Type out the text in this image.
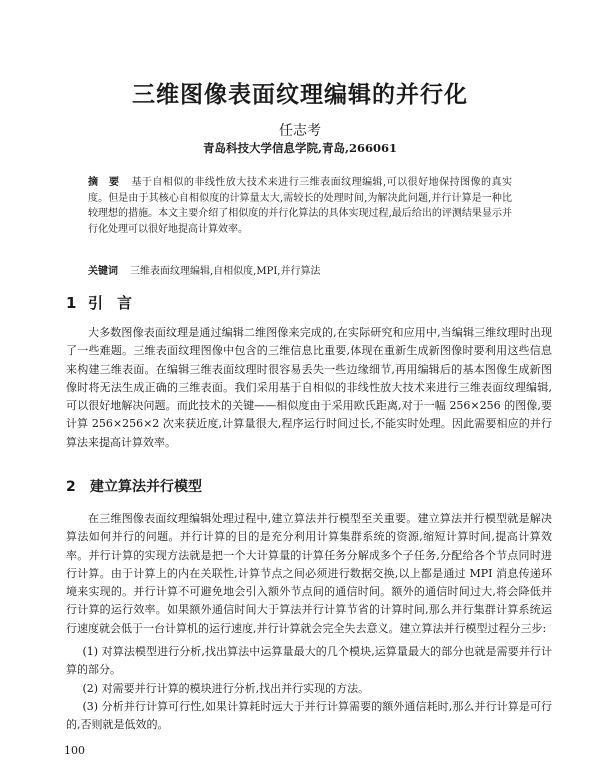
三维图像表面纹理编辑的并行化
任志考
青岛科技大学信息学院,青岛,266061
摘　要 基于自相似的非线性放大技术来进行三维表面纹理编辑,可以很好地保持图像的真实度。但是由于其核心自相似度的计算量太大,需较长的处理时间,为解决此问题,并行计算是一种比较理想的措施。本文主要介绍了相似度的并行化算法的具体实现过程,最后给出的评测结果显示并行化处理可以很好地提高计算效率。
关键词 三维表面纹理编辑,自相似度,MPI,并行算法
1 引言

大多数图像表面纹理是通过编辑二维图像来完成的,在实际研究和应用中,当编辑三维纹理时出现了一些难题。三维表面纹理图像中包含的三维信息比重要,体现在重新生成新图像时要利用这些信息来构建三维表面。在编辑三维表面纹理时很容易丢失一些边缘细节,再用编辑后的基本图像生成新图像时将无法生成正确的三维表面。我们采用基于自相似的非线性放大技术来进行三维表面纹理编辑,可以很好地解决问题。而此技术的关键——相似度由于采用欧氏距离,对于一幅 256×256 的图像,要计算 256×256×2 次来获近度,计算量很大,程序运行时间过长,不能实时处理。因此需要相应的并行算法来提高计算效率。

2 建立算法并行模型

在三维图像表面纹理编辑处理过程中,建立算法并行模型至关重要。建立算法并行模型就是解决算法如何并行的问题。并行计算的目的是充分利用计算集群系统的资源,缩短计算时间,提高计算效率。并行计算的实现方法就是把一个大计算量的计算任务分解成多个子任务,分配给各个节点同时进行计算。由于计算上的内在关联性,计算节点之间必须进行数据交换,以上都是通过 MPI 消息传递环境来实现的。并行计算不可避免地会引入额外节点间的通信时间。额外的通信时间过大,将会降低并行计算的运行效率。如果额外通信时间大于算法并行计算节省的计算时间,那么并行集群计算系统运行速度就会低于一台计算机的运行速度,并行计算就会完全失去意义。建立算法并行模型过程分三步:

(1) 对算法模型进行分析,找出算法中运算量最大的几个模块,运算量最大的部分也就是需要并行计算的部分。

(2) 对需要并行计算的模块进行分析,找出并行实现的方法。

(3) 分析并行计算可行性,如果计算耗时远大于并行计算需要的额外通信耗时,那么并行计算是可行的,否则就是低效的。

100
